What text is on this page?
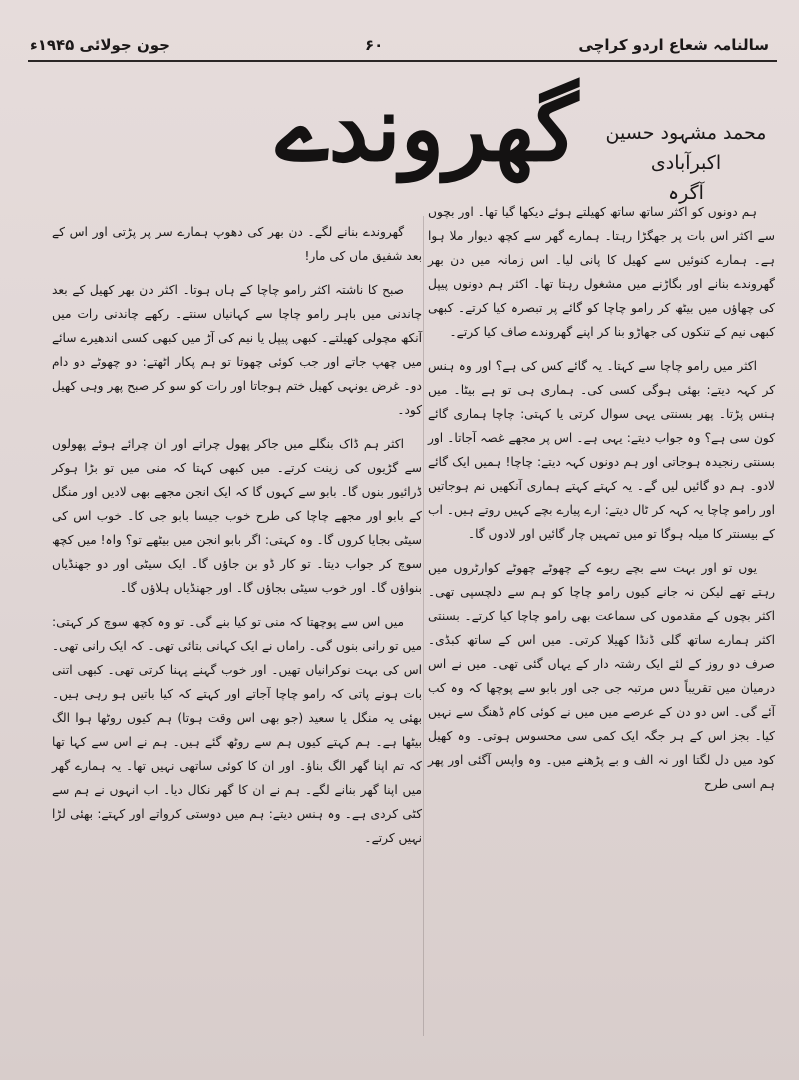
سالنامہ شعاع اردو کراچی
۶۰
جون جولائی ۱۹۴۵ء
محمد مشہود حسین اکبرآبادی
آگرہ
گھروندے

ہم دونوں کو اکثر ساتھ ساتھ کھیلتے ہوئے دیکھا گیا تھا۔ اور بچوں سے اکثر اس بات پر جھگڑا رہتا۔ ہمارے گھر سے کچھ دیوار ملا ہوا ہے۔ ہمارے کنوئیں سے کھیل کا پانی لیا۔ اس زمانہ میں دن بھر گھروندے بنانے اور بگاڑنے میں مشغول رہتا تھا۔ اکثر ہم دونوں پیپل کی چھاؤں میں بیٹھ کر رامو چاچا کو گائے پر تبصرہ کیا کرتے۔ کبھی کبھی نیم کے تنکوں کی جھاڑو بنا کر اپنے گھروندے صاف کیا کرتے۔

اکثر میں رامو چاچا سے کہتا۔ یہ گائے کس کی ہے؟ اور وہ ہنس کر کہہ دیتے: بھئی ہوگی کسی کی۔ ہماری ہی تو ہے بیٹا۔ میں ہنس پڑتا۔ پھر بسنتی یہی سوال کرتی یا کہتی: چاچا ہماری گائے کون سی ہے؟ وہ جواب دیتے: یہی ہے۔ اس پر مجھے غصہ آجاتا۔ اور بسنتی رنجیدہ ہوجاتی اور ہم دونوں کہہ دیتے: چاچا! ہمیں ایک گائے لادو۔ ہم دو گائیں لیں گے۔ یہ کہتے کہتے ہماری آنکھیں نم ہوجاتیں اور رامو چاچا یہ کہہ کر ٹال دیتے: ارے پیارے بچے کہیں روتے ہیں۔ اب کے بیسنتر کا میلہ ہوگا تو میں تمہیں چار گائیں اور لادوں گا۔

یوں تو اور بہت سے بچے ریوے کے چھوٹے چھوٹے کوارٹروں میں رہتے تھے لیکن نہ جانے کیوں رامو چاچا کو ہم سے دلچسپی تھی۔ اکثر بچوں کے مقدموں کی سماعت بھی رامو چاچا کیا کرتے۔ بسنتی اکثر ہمارے ساتھ گلی ڈنڈا کھیلا کرتی۔ میں اس کے ساتھ کبڈی۔ صرف دو روز کے لئے ایک رشتہ دار کے یہاں گئی تھی۔ میں نے اس درمیان میں تقریباً دس مرتبہ جی جی اور بابو سے پوچھا کہ وہ کب آئے گی۔ اس دو دن کے عرصے میں میں نے کوئی کام ڈھنگ سے نہیں کیا۔ بجز اس کے ہر جگہ ایک کمی سی محسوس ہوتی۔ وہ کھیل کود میں دل لگتا اور نہ الف و بے پڑھنے میں۔ وہ واپس آگئی اور پھر ہم اسی طرح

گھروندے بنانے لگے۔ دن بھر کی دھوپ ہمارے سر پر پڑتی اور اس کے بعد شفیق ماں کی مار!

صبح کا ناشتہ اکثر رامو چاچا کے ہاں ہوتا۔ اکثر دن بھر کھیل کے بعد چاندنی میں باہر رامو چاچا سے کہانیاں سنتے۔ رکھے چاندنی رات میں آنکھ مچولی کھیلتے۔ کبھی پیپل یا نیم کی آڑ میں کبھی کسی اندھیرے سائے میں چھپ جاتے اور جب کوئی چھوتا تو ہم پکار اٹھتے: دو چھوٹے دو دام دو۔ غرض یونہی کھیل ختم ہوجاتا اور رات کو سو کر صبح پھر وہی کھیل کود۔

اکثر ہم ڈاک بنگلے میں جاکر پھول چراتے اور ان چرائے ہوئے پھولوں سے گڑیوں کی زینت کرتے۔ میں کبھی کہتا کہ منی میں تو بڑا ہوکر ڈرائیور بنوں گا۔ بابو سے کہوں گا کہ ایک انجن مجھے بھی لادیں اور منگل کے بابو اور مجھے چاچا کی طرح خوب جیسا بابو جی کا۔ خوب اس کی سیٹی بجایا کروں گا۔ وہ کہتی: اگر بابو انجن میں بیٹھے تو؟ واہ! میں کچھ سوچ کر جواب دیتا۔ تو کار ڈو بن جاؤں گا۔ ایک سیٹی اور دو جھنڈیاں بنواؤں گا۔ اور خوب سیٹی بجاؤں گا۔ اور جھنڈیاں ہلاؤں گا۔

میں اس سے پوچھتا کہ منی تو کیا بنے گی۔ تو وہ کچھ سوچ کر کہتی: میں تو رانی بنوں گی۔ راماں نے ایک کہانی بتائی تھی۔ کہ ایک رانی تھی۔ اس کی بہت نوکرانیاں تھیں۔ اور خوب گہنے پہنا کرتی تھی۔ کبھی اتنی بات ہونے پاتی کہ رامو چاچا آجاتے اور کہتے کہ کیا باتیں ہو رہی ہیں۔ بھئی یہ منگل یا سعید (جو بھی اس وقت ہوتا) ہم کیوں روٹھا ہوا الگ بیٹھا ہے۔ ہم کہتے کیوں ہم سے روٹھ گئے ہیں۔ ہم نے اس سے کہا تھا کہ تم اپنا گھر الگ بناؤ۔ اور ان کا کوئی ساتھی نہیں تھا۔ یہ ہمارے گھر میں اپنا گھر بنانے لگے۔ ہم نے ان کا گھر نکال دیا۔ اب انہوں نے ہم سے کٹی کردی ہے۔ وہ ہنس دیتے: ہم میں دوستی کرواتے اور کہتے: بھئی لڑا نہیں کرتے۔
